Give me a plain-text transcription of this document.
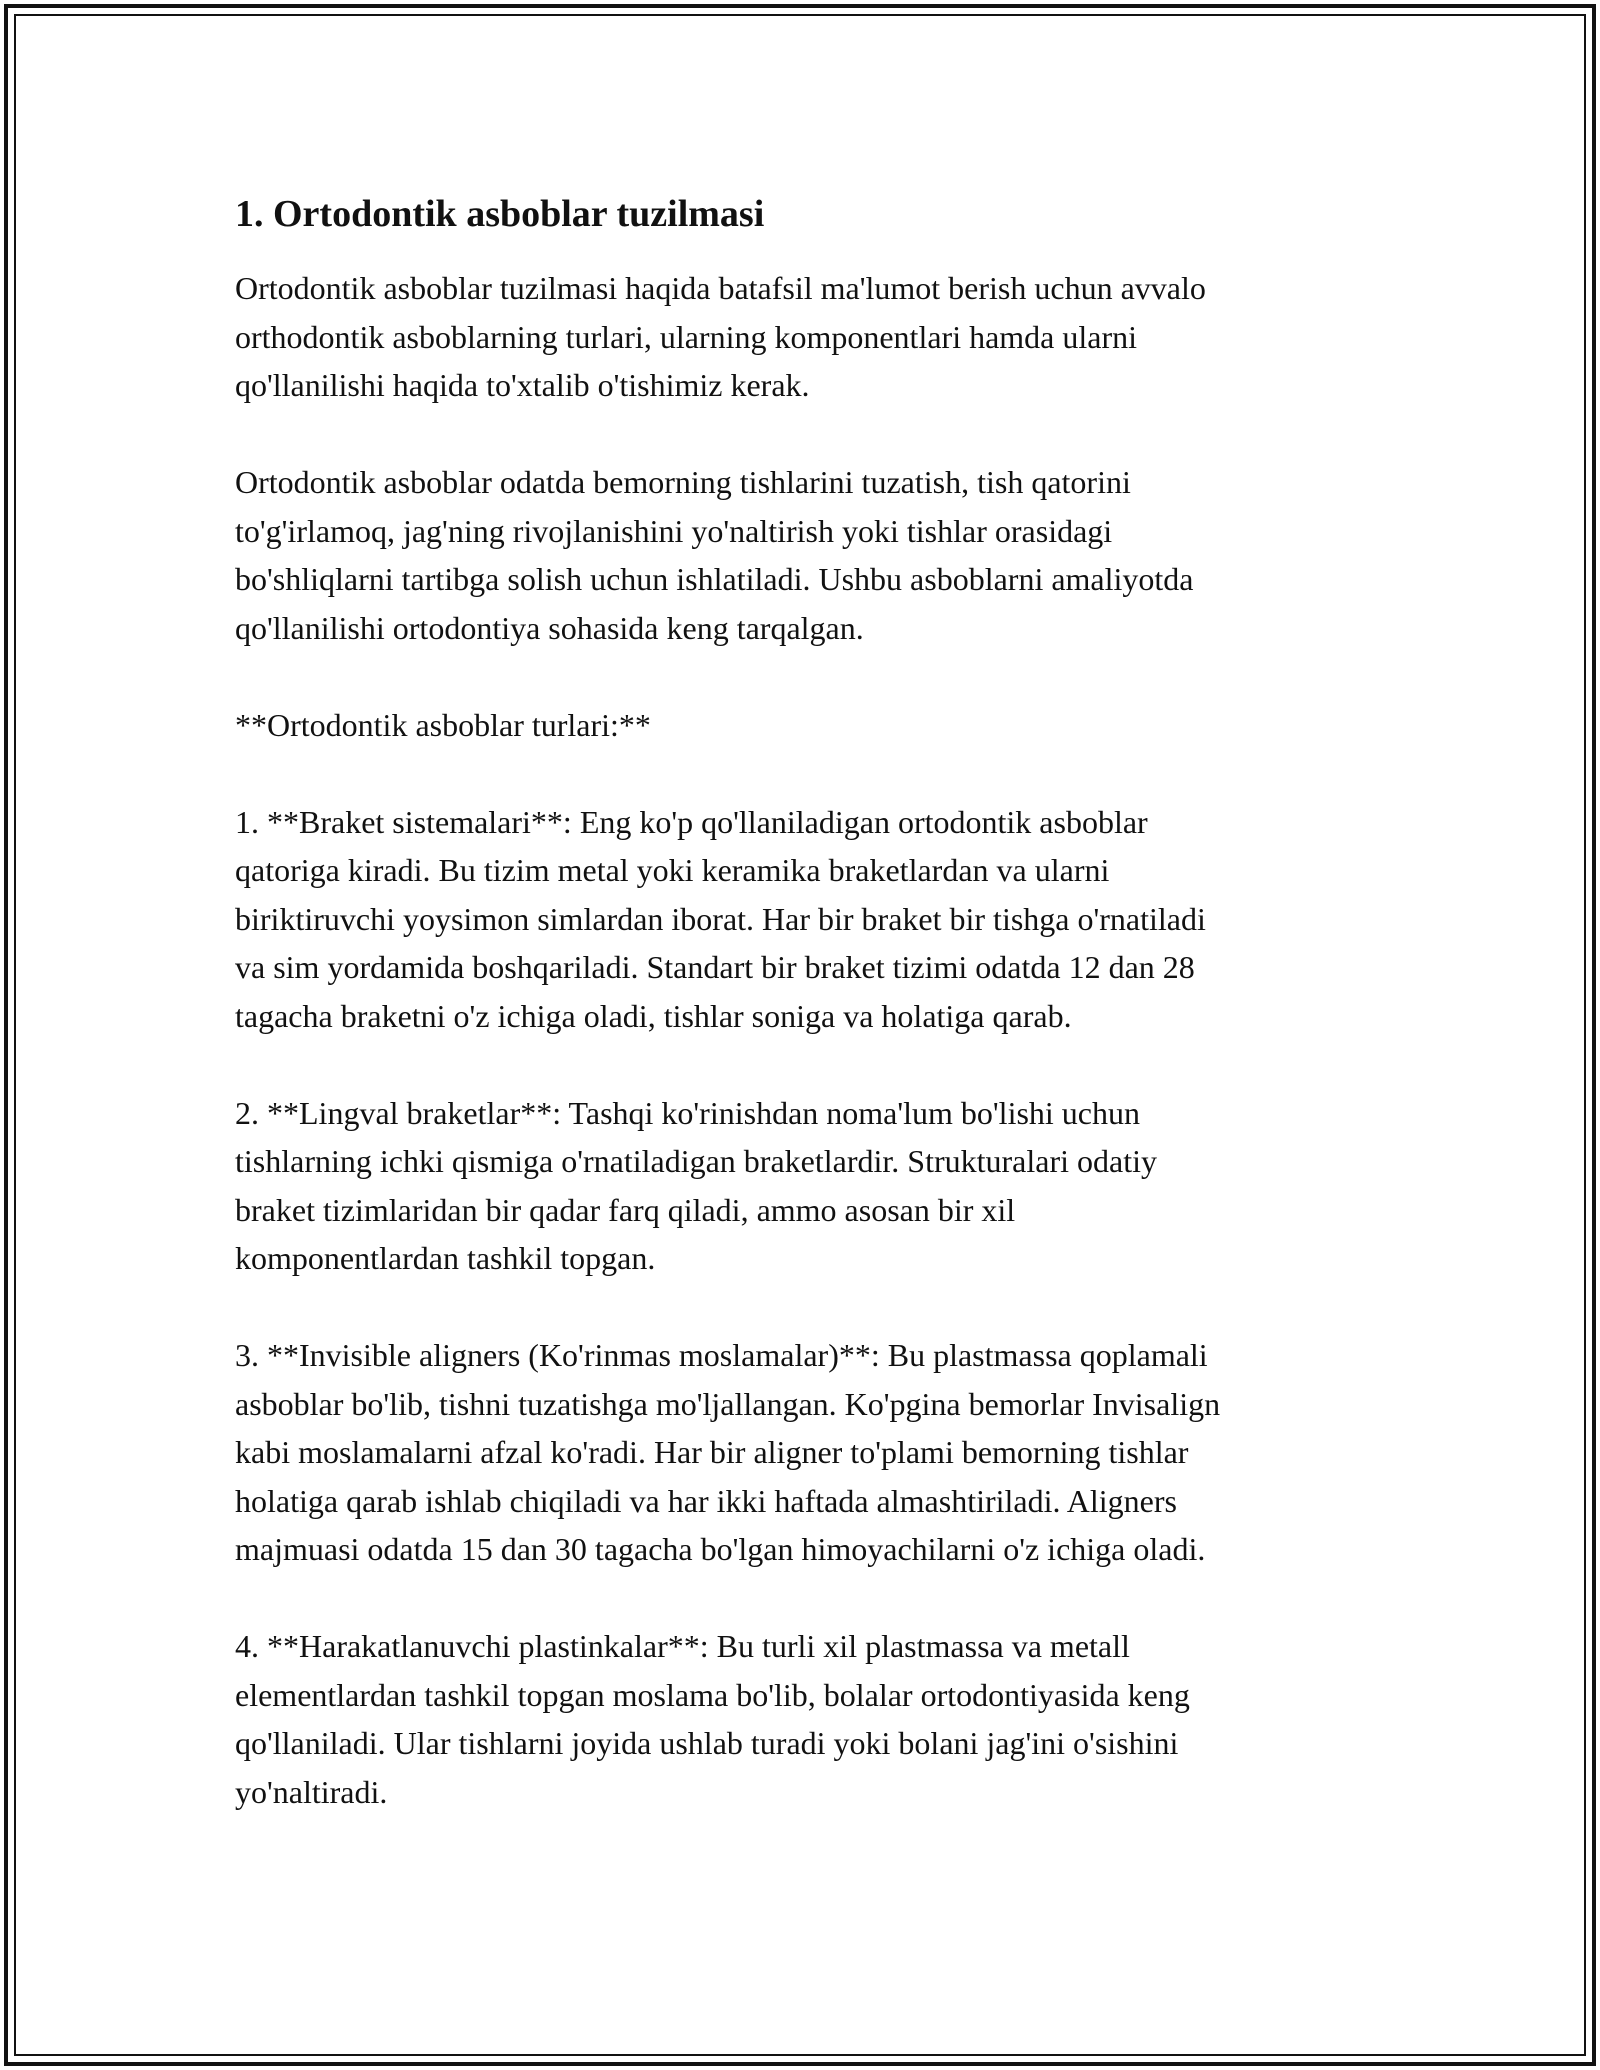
1. Ortodontik asboblar tuzilmasi

Ortodontik asboblar tuzilmasi haqida batafsil ma'lumot berish uchun avvalo
orthodontik asboblarning turlari, ularning komponentlari hamda ularni
qo'llanilishi haqida to'xtalib o'tishimiz kerak.

Ortodontik asboblar odatda bemorning tishlarini tuzatish, tish qatorini
to'g'irlamoq, jag'ning rivojlanishini yo'naltirish yoki tishlar orasidagi
bo'shliqlarni tartibga solish uchun ishlatiladi. Ushbu asboblarni amaliyotda
qo'llanilishi ortodontiya sohasida keng tarqalgan.

**Ortodontik asboblar turlari:**

1. **Braket sistemalari**: Eng ko'p qo'llaniladigan ortodontik asboblar
qatoriga kiradi. Bu tizim metal yoki keramika braketlardan va ularni
biriktiruvchi yoysimon simlardan iborat. Har bir braket bir tishga o'rnatiladi
va sim yordamida boshqariladi. Standart bir braket tizimi odatda 12 dan 28
tagacha braketni o'z ichiga oladi, tishlar soniga va holatiga qarab.

2. **Lingval braketlar**: Tashqi ko'rinishdan noma'lum bo'lishi uchun
tishlarning ichki qismiga o'rnatiladigan braketlardir. Strukturalari odatiy
braket tizimlaridan bir qadar farq qiladi, ammo asosan bir xil
komponentlardan tashkil topgan.

3. **Invisible aligners (Ko'rinmas moslamalar)**: Bu plastmassa qoplamali
asboblar bo'lib, tishni tuzatishga mo'ljallangan. Ko'pgina bemorlar Invisalign
kabi moslamalarni afzal ko'radi. Har bir aligner to'plami bemorning tishlar
holatiga qarab ishlab chiqiladi va har ikki haftada almashtiriladi. Aligners
majmuasi odatda 15 dan 30 tagacha bo'lgan himoyachilarni o'z ichiga oladi.

4. **Harakatlanuvchi plastinkalar**: Bu turli xil plastmassa va metall
elementlardan tashkil topgan moslama bo'lib, bolalar ortodontiyasida keng
qo'llaniladi. Ular tishlarni joyida ushlab turadi yoki bolani jag'ini o'sishini
yo'naltiradi.
